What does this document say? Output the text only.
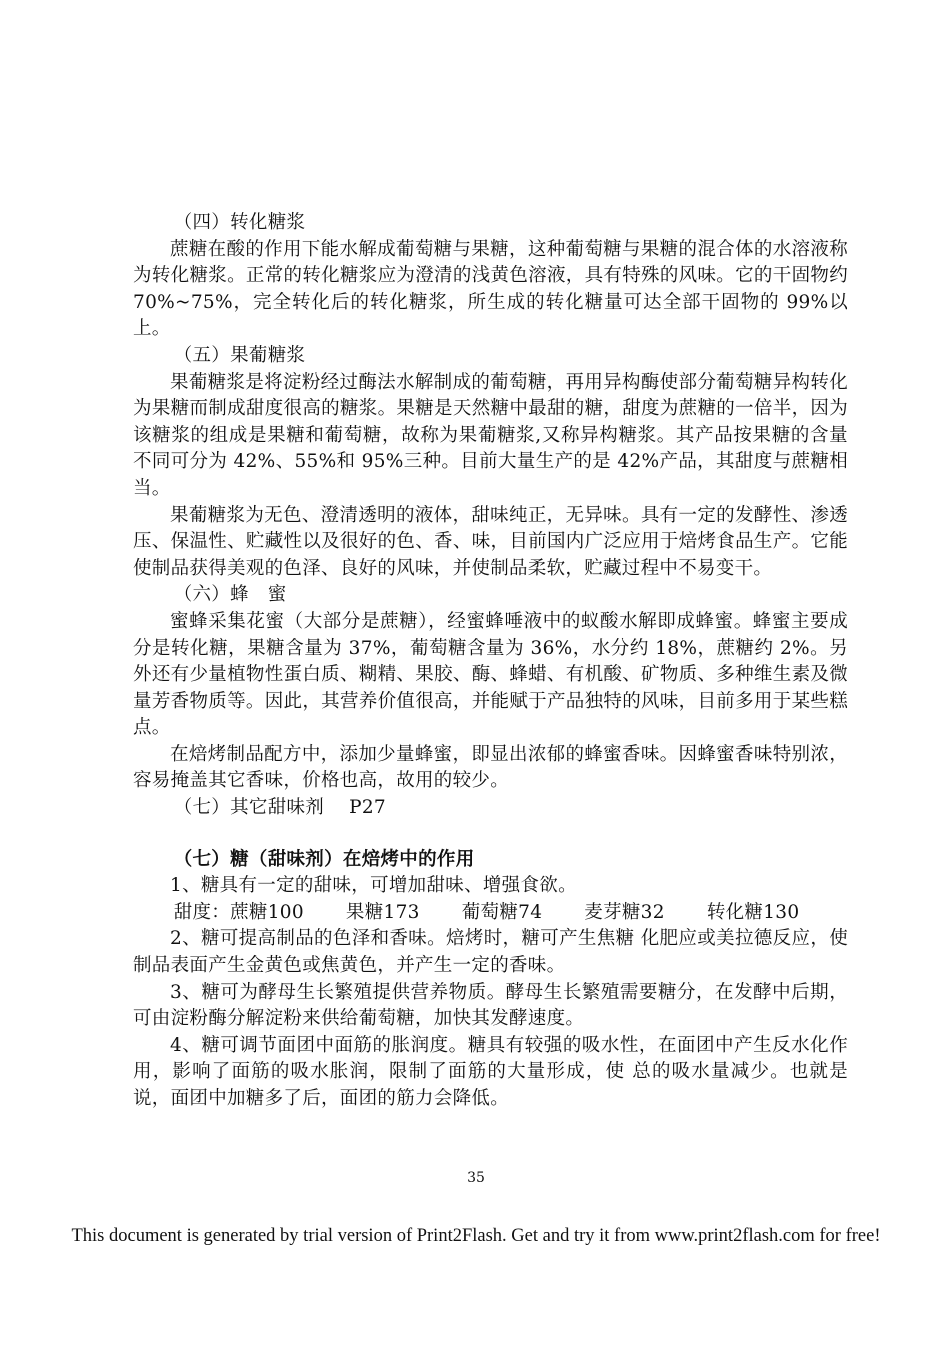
（四）转化糖浆

蔗糖在酸的作用下能水解成葡萄糖与果糖，这种葡萄糖与果糖的混合体的水溶液称为转化糖浆。正常的转化糖浆应为澄清的浅黄色溶液，具有特殊的风味。它的干固物约 70%~75%，完全转化后的转化糖浆，所生成的转化糖量可达全部干固物的 99%以上。

（五）果葡糖浆

果葡糖浆是将淀粉经过酶法水解制成的葡萄糖，再用异构酶使部分葡萄糖异构转化为果糖而制成甜度很高的糖浆。果糖是天然糖中最甜的糖，甜度为蔗糖的一倍半，因为该糖浆的组成是果糖和葡萄糖，故称为果葡糖浆,又称异构糖浆。其产品按果糖的含量不同可分为 42%、55%和 95%三种。目前大量生产的是 42%产品，其甜度与蔗糖相当。

果葡糖浆为无色、澄清透明的液体，甜味纯正，无异味。具有一定的发酵性、渗透压、保温性、贮藏性以及很好的色、香、味，目前国内广泛应用于焙烤食品生产。它能使制品获得美观的色泽、良好的风味，并使制品柔软，贮藏过程中不易变干。

（六）蜂　蜜

蜜蜂采集花蜜（大部分是蔗糖），经蜜蜂唾液中的蚁酸水解即成蜂蜜。蜂蜜主要成分是转化糖，果糖含量为 37%，葡萄糖含量为 36%，水分约 18%，蔗糖约 2%。另外还有少量植物性蛋白质、糊精、果胶、酶、蜂蜡、有机酸、矿物质、多种维生素及微量芳香物质等。因此，其营养价值很高，并能赋于产品独特的风味，目前多用于某些糕点。

在焙烤制品配方中，添加少量蜂蜜，即显出浓郁的蜂蜜香味。因蜂蜜香味特别浓，容易掩盖其它香味，价格也高，故用的较少。

（七）其它甜味剂　 P27

（七）糖（甜味剂）在焙烤中的作用

1、糖具有一定的甜味，可增加甜味、增强食欲。

甜度：蔗糖100 果糖173 葡萄糖74 麦芽糖32 转化糖130

2、糖可提高制品的色泽和香味。焙烤时，糖可产生焦糖 化肥应或美拉德反应，使制品表面产生金黄色或焦黄色，并产生一定的香味。

3、糖可为酵母生长繁殖提供营养物质。酵母生长繁殖需要糖分，在发酵中后期，可由淀粉酶分解淀粉来供给葡萄糖，加快其发酵速度。

4、糖可调节面团中面筋的胀润度。糖具有较强的吸水性，在面团中产生反水化作用，影响了面筋的吸水胀润，限制了面筋的大量形成，使 总的吸水量减少。也就是说，面团中加糖多了后，面团的筋力会降低。

35
This document is generated by trial version of Print2Flash. Get and try it from www.print2flash.com for free!
